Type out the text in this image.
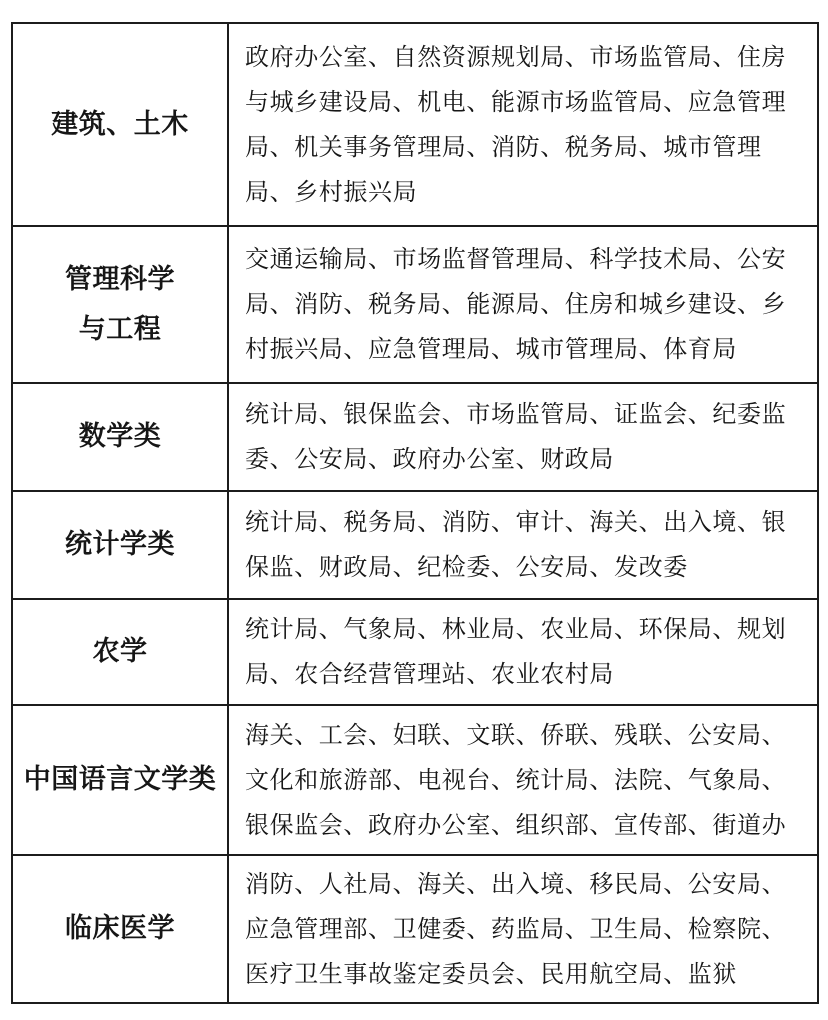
建筑、土木	政府办公室、自然资源规划局、市场监管局、住房与城乡建设局、机电、能源市场监管局、应急管理局、机关事务管理局、消防、税务局、城市管理局、乡村振兴局

管理科学与工程	交通运输局、市场监督管理局、科学技术局、公安局、消防、税务局、能源局、住房和城乡建设、乡村振兴局、应急管理局、城市管理局、体育局

数学类	统计局、银保监会、市场监管局、证监会、纪委监委、公安局、政府办公室、财政局

统计学类	统计局、税务局、消防、审计、海关、出入境、银保监、财政局、纪检委、公安局、发改委

农学	统计局、气象局、林业局、农业局、环保局、规划局、农合经营管理站、农业农村局

中国语言文学类	海关、工会、妇联、文联、侨联、残联、公安局、文化和旅游部、电视台、统计局、法院、气象局、银保监会、政府办公室、组织部、宣传部、街道办

临床医学	消防、人社局、海关、出入境、移民局、公安局、应急管理部、卫健委、药监局、卫生局、检察院、医疗卫生事故鉴定委员会、民用航空局、监狱
